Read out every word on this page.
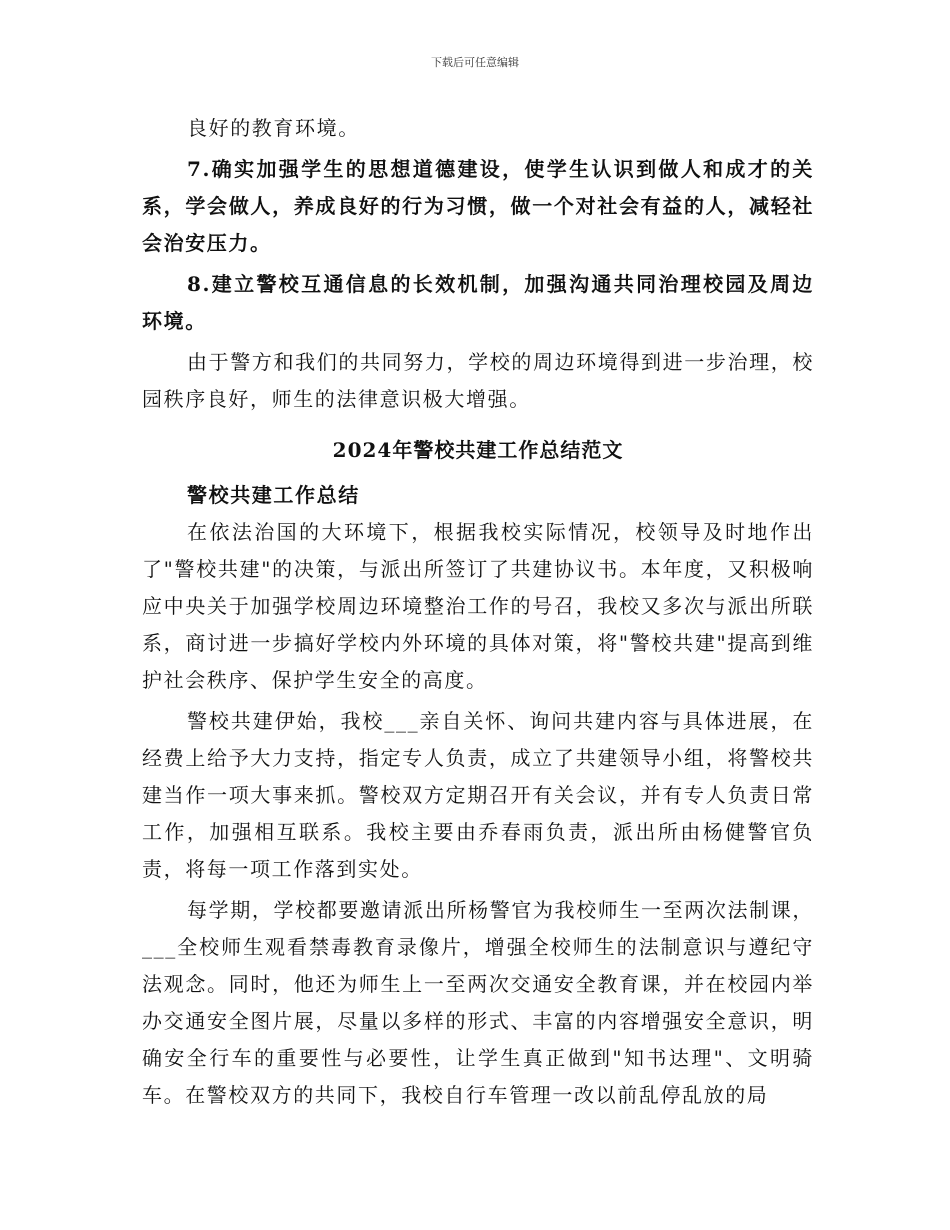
下载后可任意编辑

良好的教育环境。

7.确实加强学生的思想道德建设，使学生认识到做人和成才的关系，学会做人，养成良好的行为习惯，做一个对社会有益的人，减轻社会治安压力。

8.建立警校互通信息的长效机制，加强沟通共同治理校园及周边环境。

由于警方和我们的共同努力，学校的周边环境得到进一步治理，校园秩序良好，师生的法律意识极大增强。

2024年警校共建工作总结范文

警校共建工作总结

在依法治国的大环境下，根据我校实际情况，校领导及时地作出了"警校共建"的决策，与派出所签订了共建协议书。本年度，又积极响应中央关于加强学校周边环境整治工作的号召，我校又多次与派出所联系，商讨进一步搞好学校内外环境的具体对策，将"警校共建"提高到维护社会秩序、保护学生安全的高度。

警校共建伊始，我校___亲自关怀、询问共建内容与具体进展，在经费上给予大力支持，指定专人负责，成立了共建领导小组，将警校共建当作一项大事来抓。警校双方定期召开有关会议，并有专人负责日常工作，加强相互联系。我校主要由乔春雨负责，派出所由杨健警官负责，将每一项工作落到实处。

每学期，学校都要邀请派出所杨警官为我校师生一至两次法制课，___全校师生观看禁毒教育录像片，增强全校师生的法制意识与遵纪守法观念。同时，他还为师生上一至两次交通安全教育课，并在校园内举办交通安全图片展，尽量以多样的形式、丰富的内容增强安全意识，明确安全行车的重要性与必要性，让学生真正做到"知书达理"、文明骑车。在警校双方的共同下，我校自行车管理一改以前乱停乱放的局
